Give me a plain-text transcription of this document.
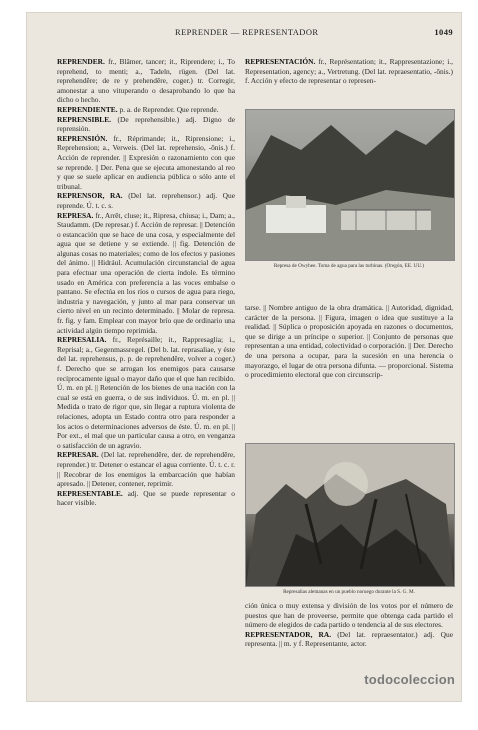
REPRENDER — REPRESENTADOR	1049

REPRENDER. fr., Blâmer, tancer; it., Riprendere; i., To reprehend, to menti; a., Tadeln, rügen. (Del lat. reprehendĕre; de re y prehendĕre, coger.) tr. Corregir, amonestar a uno vituperando o desaprobando lo que ha dicho o hecho.

REPRENDIENTE. p. a. de Reprender. Que reprende.

REPRENSIBLE. (De reprehensible.) adj. Digno de reprensión.

REPRENSIÓN. fr., Réprimande; it., Riprensione; i., Reprehension; a., Verweis. (Del lat. reprehensio, -ōnis.) f. Acción de reprender. || Expresión o razonamiento con que se reprende. || Der. Pena que se ejecuta amonestando al reo y que se suele aplicar en audiencia pública o sólo ante el tribunal.

REPRENSOR, RA. (Del lat. reprehensor.) adj. Que reprende. Ú. t. c. s.

REPRESA. fr., Arrêt, cluse; it., Ripresa, chiusa; i., Dam; a., Staudamm. (De represar.) f. Acción de represar. || Detención o estancación que se hace de una cosa, y especialmente del agua que se detiene y se extiende. || fig. Detención de algunas cosas no materiales; como de los efectos y pasiones del ánimo. || Hidrául. Acumulación circunstancial de agua para efectuar una operación de cierta índole. Es término usado en América con preferencia a las voces embalse o pantano. Se efectúa en los ríos o cursos de agua para riego, industria y navegación, y junto al mar para conservar un cierto nivel en un recinto determinado. || Molar de represa. fr. fig. y fam. Emplear con mayor brío que de ordinario una actividad algún tiempo reprimida.

REPRESALIA. fr., Représaille; it., Rappresaglia; i., Reprisal; a., Gegenmassregel. (Del b. lat. reprasaliae, y éste del lat. reprehensus, p. p. de reprehendĕre, volver a coger.) f. Derecho que se arrogan los enemigos para causarse recíprocamente igual o mayor daño que el que han recibido. Ú. m. en pl. || Retención de los bienes de una nación con la cual se está en guerra, o de sus individuos. Ú. m. en pl. || Medida o trato de rigor que, sin llegar a ruptura violenta de relaciones, adopta un Estado contra otro para responder a los actos o determinaciones adversos de éste. Ú. m. en pl. || Por ext., el mal que un particular causa a otro, en venganza o satisfacción de un agravio.

REPRESAR. (Del lat. reprehendĕre, der. de reprehendĕre, reprender.) tr. Detener o estancar el agua corriente. Ú. t. c. r. || Recobrar de los enemigos la embarcación que habían apresado. || Detener, contener, reprimir.

REPRESENTABLE. adj. Que se puede representar o hacer visible.

REPRESENTACIÓN. fr., Représentation; it., Rappresentazione; i., Representation, agency; a., Vertretung. (Del lat. repraesentatio, -ōnis.) f. Acción y efecto de representar o represen-

Represa de Owyhee. Toma de agua para las turbinas. (Oregón, EE. UU.)

tarse. || Nombre antiguo de la obra dramática. || Autoridad, dignidad, carácter de la persona. || Figura, imagen o idea que sustituye a la realidad. || Súplica o proposición apoyada en razones o documentos, que se dirige a un príncipe o superior. || Conjunto de personas que representan a una entidad, colectividad o corporación. || Der. Derecho de una persona a ocupar, para la sucesión en una herencia o mayorazgo, el lugar de otra persona difunta. — proporcional. Sistema o procedimiento electoral que con circunscrip-

Represalias alemanas en un pueblo noruego durante la S. G. M.

ción única o muy extensa y división de los votos por el número de puestos que han de proveerse, permite que obtenga cada partido el número de elegidos de cada partido o tendencia al de sus electores.

REPRESENTADOR, RA. (Del lat. repraesentator.) adj. Que representa. || m. y f. Representante, actor.

todocoleccion
